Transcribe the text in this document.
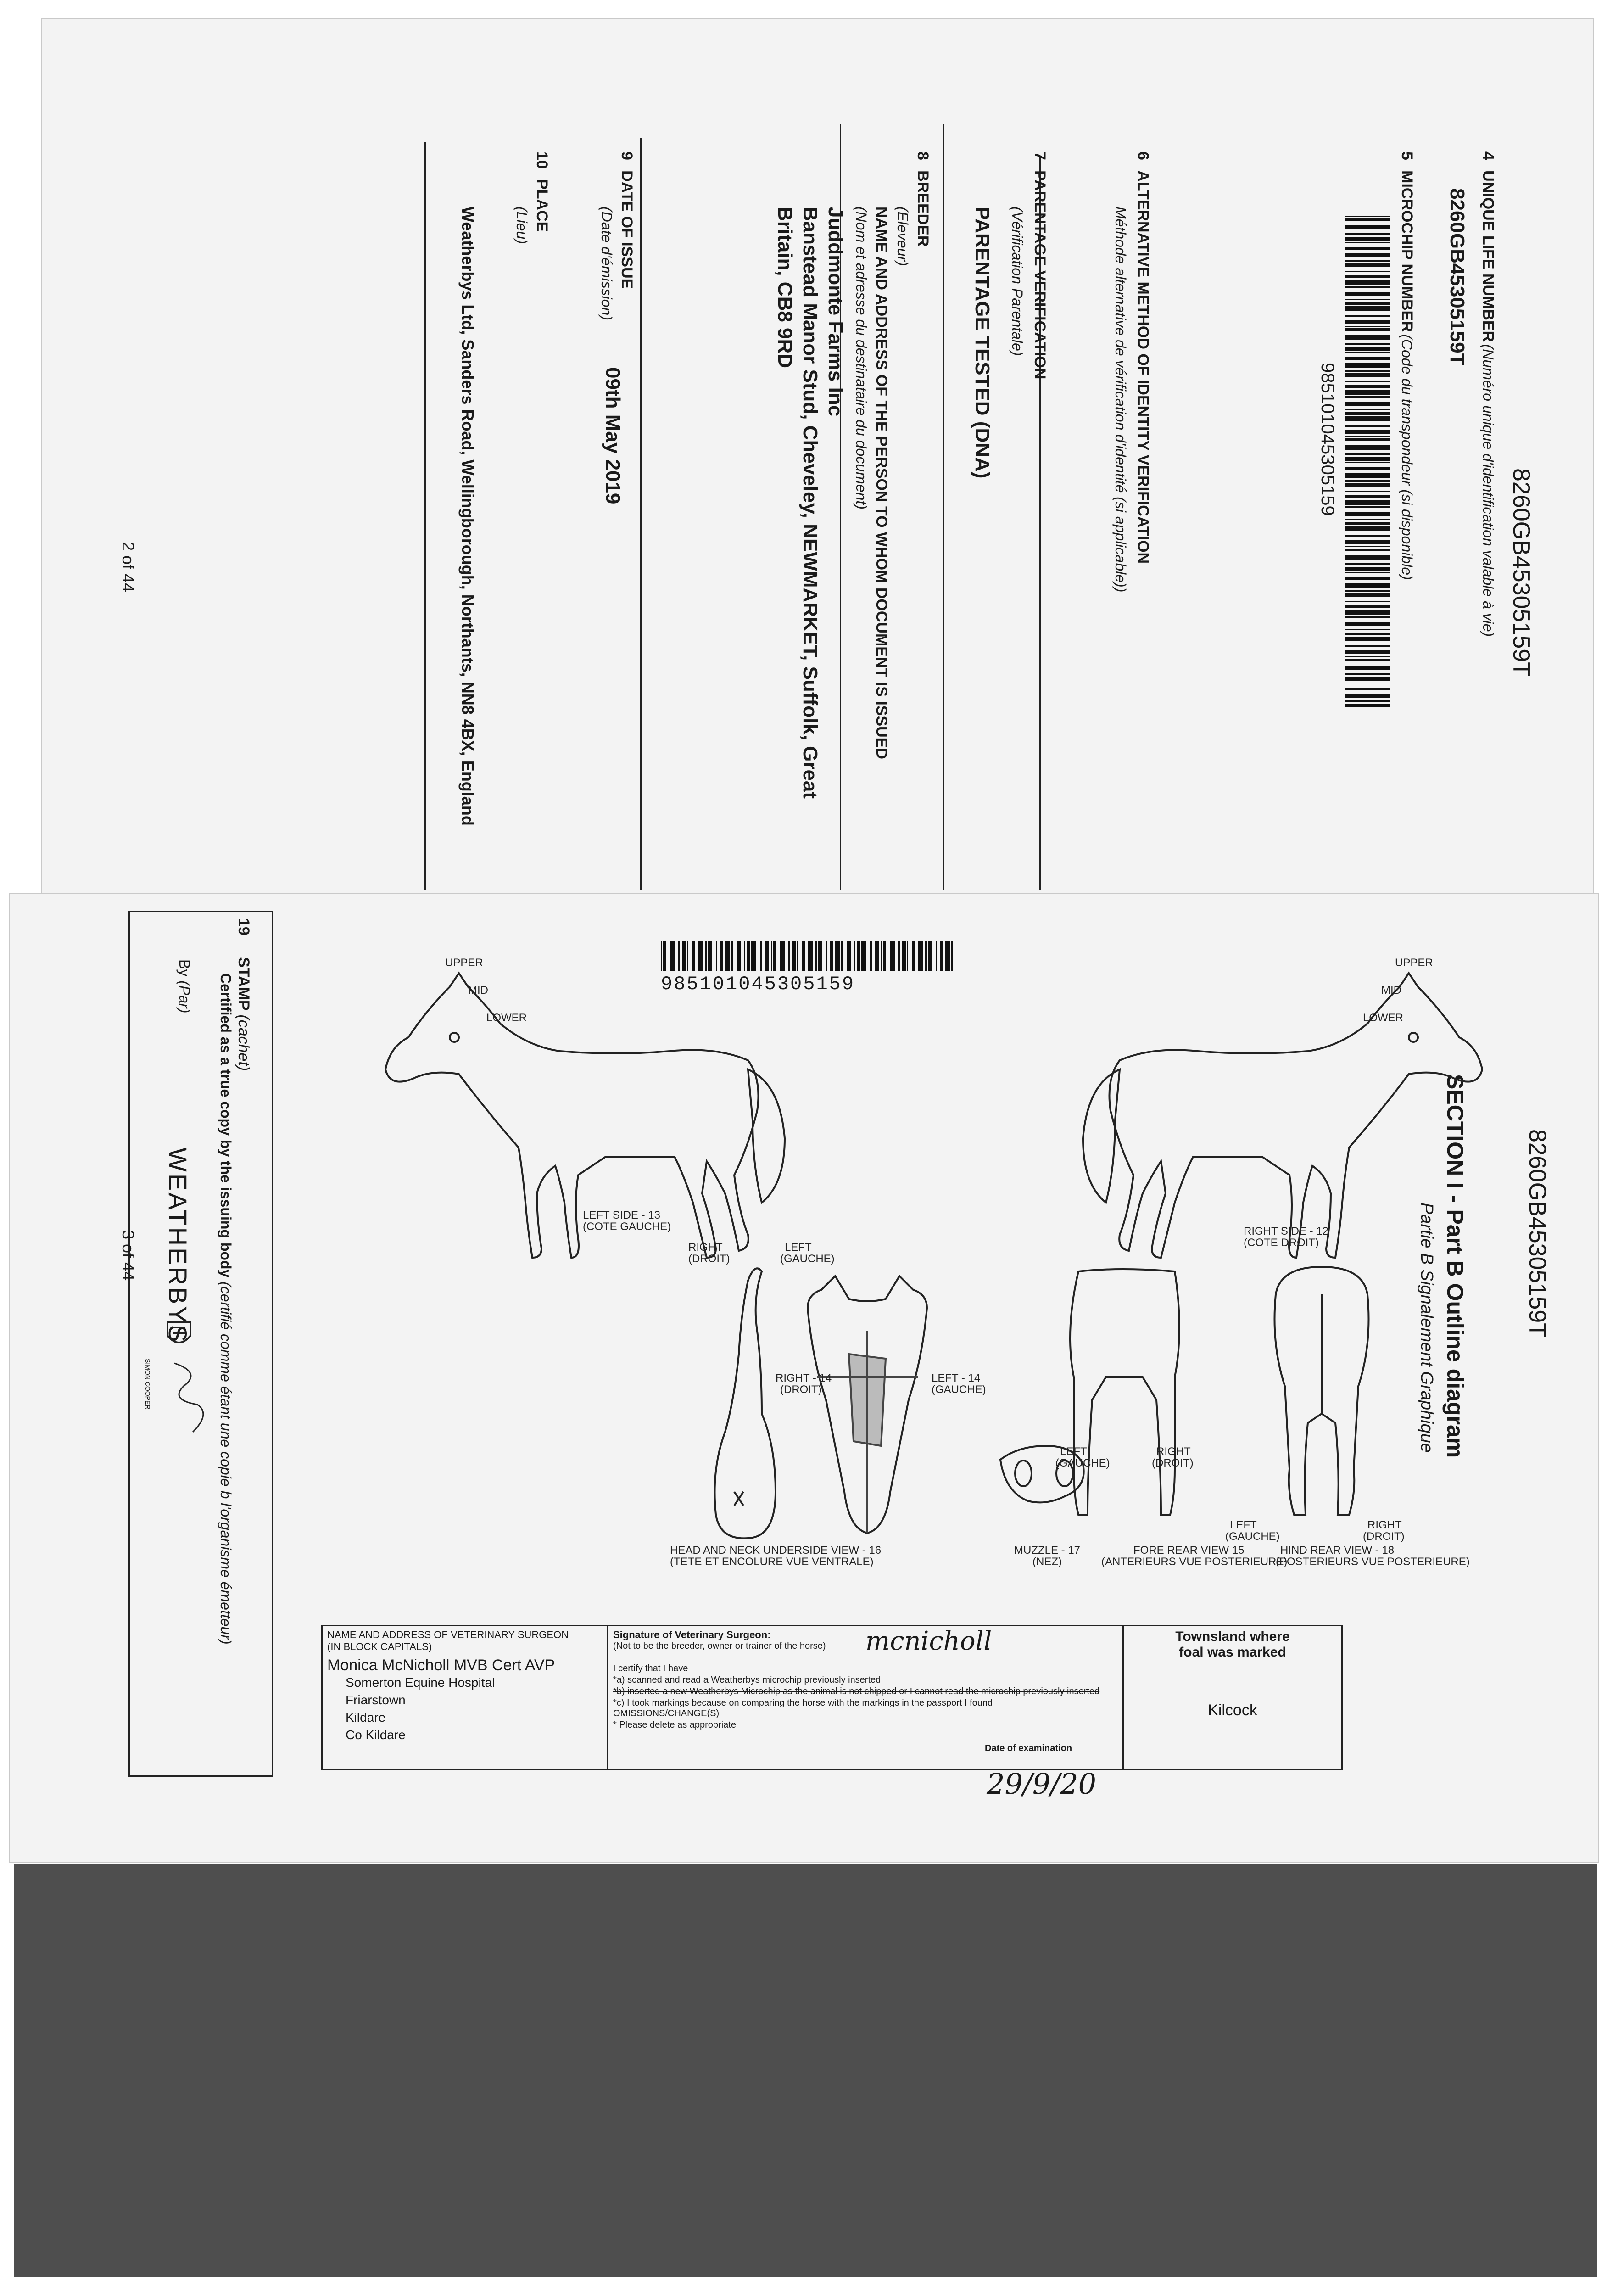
8260GB45305159T
4     UNIQUE LIFE NUMBER (Numéro unique d'identification valable à vie)
8260GB45305159T
5     MICROCHIP NUMBER (Code du transpondeur (si disponible)
985101045305159
6     ALTERNATIVE METHOD OF IDENTITY VERIFICATION
Méthode alternative de vérification d'identité (si applicable))
7     PARENTAGE VERIFICATION
(Vérification Parentale)
PARENTAGE TESTED (DNA)
8     BREEDER
(Eleveur)
NAME AND ADDRESS OF THE PERSON TO WHOM DOCUMENT IS ISSUED
(Nom et adresse du destinataire du document)
Juddmonte Farms Inc
Banstead Manor Stud, Cheveley, NEWMARKET, Suffolk, Great
Britain, CB8 9RD
9     DATE OF ISSUE
(Date d'émission)
09th May 2019
10     PLACE
(Lieu)
Weatherbys Ltd, Sanders Road, Wellingborough, Northants, NN8 4BX, England
2 of 44
8260GB45305159T
SECTION I - Part B Outline diagram
Partie B Signalement Graphique
985101045305159
RIGHT SIDE - 12
(COTE DROIT)
LEFT SIDE - 13
(COTE GAUCHE)
FORE REAR VIEW 15
(ANTERIEURS VUE POSTERIEURE)
HIND REAR VIEW - 18
(POSTERIEURS VUE POSTERIEURE)
MUZZLE - 17
(NEZ)
LEFT - 14
(GAUCHE)
RIGHT - 14
(DROIT)
HEAD AND NECK UNDERSIDE VIEW - 16
(TETE ET ENCOLURE VUE VENTRALE)
RIGHT
(DROIT)
LEFT
(GAUCHE)
LEFT
(GAUCHE)
RIGHT
(DROIT)
LEFT
(GAUCHE)
RIGHT
(DROIT)
UPPER
MID
LOWER
UPPER
MID
LOWER
NAME AND ADDRESS OF VETERINARY SURGEON
(IN BLOCK CAPITALS)
Monica McNicholl MVB Cert AVP
Somerton Equine Hospital
Friarstown
Kildare
Co Kildare
Signature of Veterinary Surgeon:
(Not to be the breeder, owner or trainer of the horse)	mcnicholl
I certify that I have
*a) scanned and read a Weatherbys microchip previously inserted
*b) inserted a new Weatherbys Microchip as the animal is not chipped or I cannot read the microchip previously inserted
*c) I took markings because on comparing the horse with the markings in the passport I found OMISSIONS/CHANGE(S)
* Please delete as appropriate
Date of examination
Townsland where
foal was marked
Kilcock
29/9/20
19     STAMP (cachet)
Certified as a true copy by the issuing body (certifié comme étant une copie b l'organisme émetteur)
By (Par)
WEATHERBYS
SIMON COOPER
3 of 44
